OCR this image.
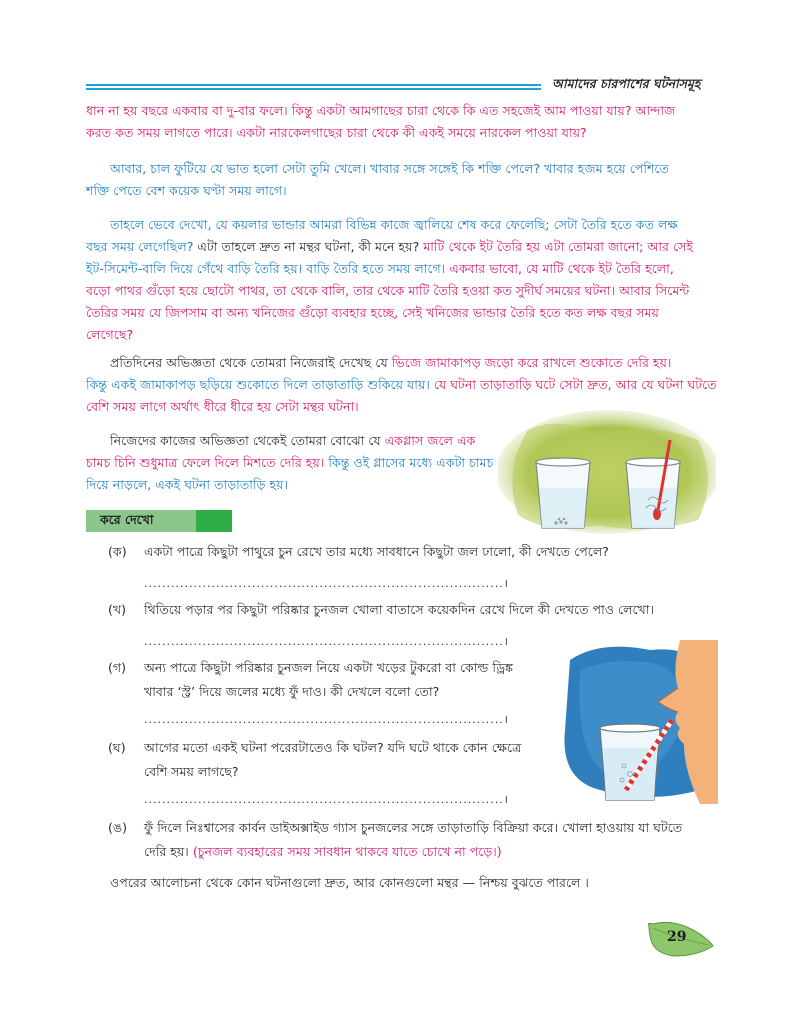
আমাদের চারপাশের ঘটনাসমূহ

ধান না হয় বছরে একবার বা দু-বার ফলে। কিন্তু একটা আমগাছের চারা থেকে কি এত সহজেই আম পাওয়া যায়? আন্দাজ
করত কত সময় লাগতে পারে। একটা নারকেলগাছের চারা থেকে কী একই সময়ে নারকেল পাওয়া যায়?

আবার, চাল ফুটিয়ে যে ভাত হলো সেটা তুমি খেলে। খাবার সঙ্গে সঙ্গেই কি শক্তি পেলে? খাবার হজম হয়ে পেশিতে
শক্তি পেতে বেশ কয়েক ঘণ্টা সময় লাগে।

তাহলে ভেবে দেখো, যে কয়লার ভান্ডার আমরা বিভিন্ন কাজে জ্বালিয়ে শেষ করে ফেলেছি; সেটা তৈরি হতে কত লক্ষ
বছর সময় লেগেছিল? এটা তাহলে দ্রুত না মন্থর ঘটনা, কী মনে হয়? মাটি থেকে ইট তৈরি হয় এটা তোমরা জানো; আর সেই
ইট-সিমেন্ট-বালি দিয়ে গেঁথে বাড়ি তৈরি হয়। বাড়ি তৈরি হতে সময় লাগে। একবার ভাবো, যে মাটি থেকে ইট তৈরি হলো,
বড়ো পাথর গুঁড়ো হয়ে ছোটো পাথর, তা থেকে বালি, তার থেকে মাটি তৈরি হওয়া কত সুদীর্ঘ সময়ের ঘটনা। আবার সিমেন্ট
তৈরির সময় যে জিপসাম বা অন্য খনিজের গুঁড়ো ব্যবহার হচ্ছে, সেই খনিজের ভান্ডার তৈরি হতে কত লক্ষ বছর সময়
লেগেছে?

প্রতিদিনের অভিজ্ঞতা থেকে তোমরা নিজেরাই দেখেছ যে ভিজে জামাকাপড় জড়ো করে রাখলে শুকোতে দেরি হয়।
কিন্তু একই জামাকাপড় ছড়িয়ে শুকোতে দিলে তাড়াতাড়ি শুকিয়ে যায়। যে ঘটনা তাড়াতাড়ি ঘটে সেটা দ্রুত, আর যে ঘটনা ঘটতে
বেশি সময় লাগে অর্থাৎ ধীরে ধীরে হয় সেটা মন্থর ঘটনা।

নিজেদের কাজের অভিজ্ঞতা থেকেই তোমরা বোঝো যে একগ্লাস জলে এক
চামচ চিনি শুধুমাত্র ফেলে দিলে মিশতে দেরি হয়। কিন্তু ওই গ্লাসের মধ্যে একটা চামচ
দিয়ে নাড়লে, একই ঘটনা তাড়াতাড়ি হয়।

করে দেখো
(ক) একটা পাত্রে কিছুটা পাথুরে চুন রেখে তার মধ্যে সাবধানে কিছুটা জল ঢালো, কী দেখতে পেলে?
................................................................................।
(খ) থিতিয়ে পড়ার পর কিছুটা পরিষ্কার চুনজল খোলা বাতাসে কয়েকদিন রেখে দিলে কী দেখতে পাও লেখো।
................................................................................।
(গ) অন্য পাত্রে কিছুটা পরিষ্কার চুনজল নিয়ে একটা খড়ের টুকরো বা কোল্ড ড্রিঙ্ক
খাবার ‘স্ট্র’ দিয়ে জলের মধ্যে ফুঁ দাও। কী দেখলে বলো তো?
................................................................................।
(ঘ) আগের মতো একই ঘটনা পরেরটাতেও কি ঘটল? যদি ঘটে থাকে কোন ক্ষেত্রে
বেশি সময় লাগছে?
................................................................................।
(ঙ) ফুঁ দিলে নিঃশ্বাসের কার্বন ডাইঅক্সাইড গ্যাস চুনজলের সঙ্গে তাড়াতাড়ি বিক্রিয়া করে। খোলা হাওয়ায় যা ঘটতে
দেরি হয়। (চুনজল ব্যবহারের সময় সাবধান থাকবে যাতে চোখে না পড়ে।)

ওপরের আলোচনা থেকে কোন ঘটনাগুলো দ্রুত, আর কোনগুলো মন্থর — নিশ্চয় বুঝতে পারলে ।

29
